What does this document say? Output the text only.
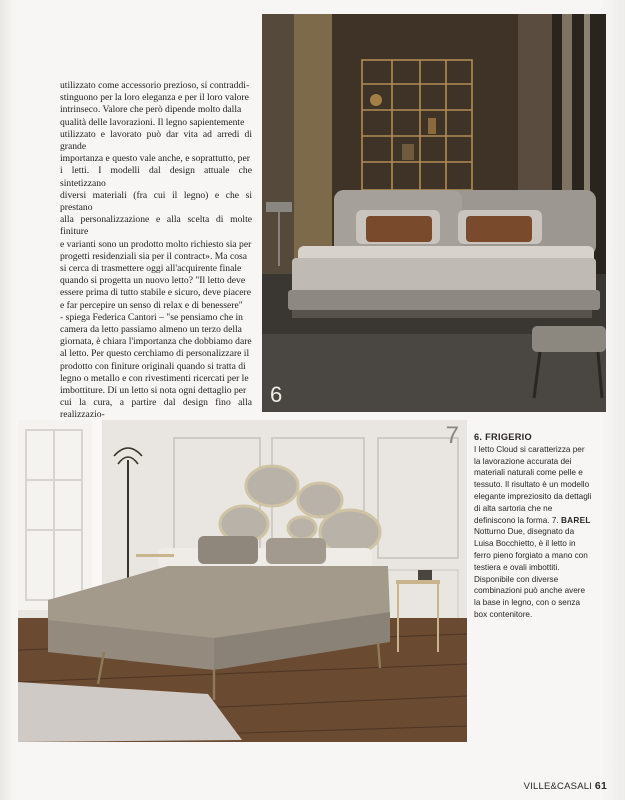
utilizzato come accessorio prezioso, si contraddi-
stinguono per la loro eleganza e per il loro valore
intrinseco. Valore che però dipende molto dalla
qualità delle lavorazioni. Il legno sapientemente
utilizzato e lavorato può dar vita ad arredi di grande
importanza e questo vale anche, e soprattutto, per
i letti. I modelli dal design attuale che sintetizzano
diversi materiali (fra cui il legno) e che si prestano
alla personalizzazione e alla scelta di molte finiture
e varianti sono un prodotto molto richiesto sia per
progetti residenziali sia per il contract». Ma cosa
si cerca di trasmettere oggi all'acquirente finale
quando si progetta un nuovo letto? "Il letto deve
essere prima di tutto stabile e sicuro, deve piacere
e far percepire un senso di relax e di benessere"
- spiega Federica Cantori – "se pensiamo che in
camera da letto passiamo almeno un terzo della
giornata, è chiara l'importanza che dobbiamo dare
al letto. Per questo cerchiamo di personalizzare il
prodotto con finiture originali quando si tratta di
legno o metallo e con rivestimenti ricercati per le
imbottiture. Di un letto si nota ogni dettaglio per
cui la cura, a partire dal design fino alla realizzazio-
6
7 6. FRIGERIO
I letto Cloud si caratterizza per la lavorazione accurata dei materiali naturali come pelle e tessuto. Il risultato è un modello elegante impreziosito da dettagli di alta sartoria che ne definiscono la forma. 7. BAREL Notturno Due, disegnato da Luisa Bocchietto, è il letto in ferro pieno forgiato a mano con testiera e ovali imbottiti. Disponibile con diverse combinazioni può anche avere la base in legno, con o senza box contenitore.
VILLE&CASALI 61
